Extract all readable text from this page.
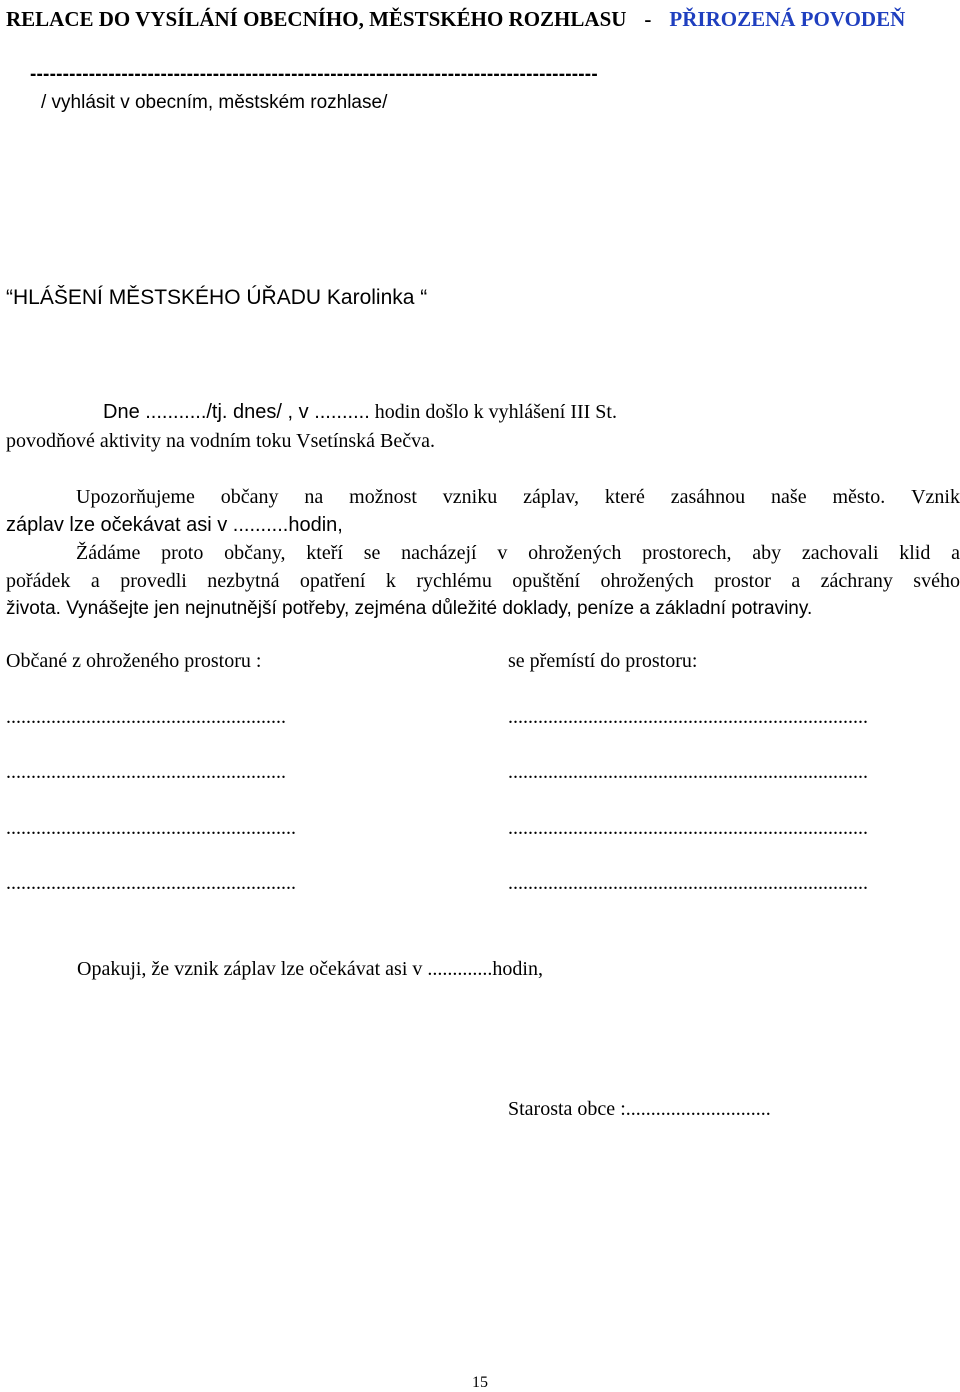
RELACE DO VYSÍLÁNÍ OBECNÍHO, MĚSTSKÉHO ROZHLASU - PŘIROZENÁ POVODEŇ
---------------------------------------------------------------------------------------
/ vyhlásit v obecním, městském rozhlase/
“HLÁŠENÍ MĚSTSKÉHO ÚŘADU Karolinka “
Dne .........../tj. dnes/ , v .......... hodin došlo k vyhlášení III St.
povodňové aktivity na vodním toku Vsetínská Bečva.
Upozorňujeme občany na možnost vzniku záplav, které zasáhnou naše město. Vznik
záplav lze očekávat asi v ..........hodin,
Žádáme proto občany, kteří se nacházejí v ohrožených prostorech, aby zachovali klid a
pořádek a provedli nezbytná opatření k rychlému opuštění ohrožených prostor a záchrany svého
života. Vynášejte jen nejnutnější potřeby, zejména důležité doklady, peníze a základní potraviny.
Občané z ohroženého prostoru :	se přemístí do prostoru:
........................................................
........................................................
..........................................................
..........................................................
........................................................................
........................................................................
........................................................................
........................................................................
Opakuji, že vznik záplav lze očekávat asi v .............hodin,
Starosta obce :.............................
15
